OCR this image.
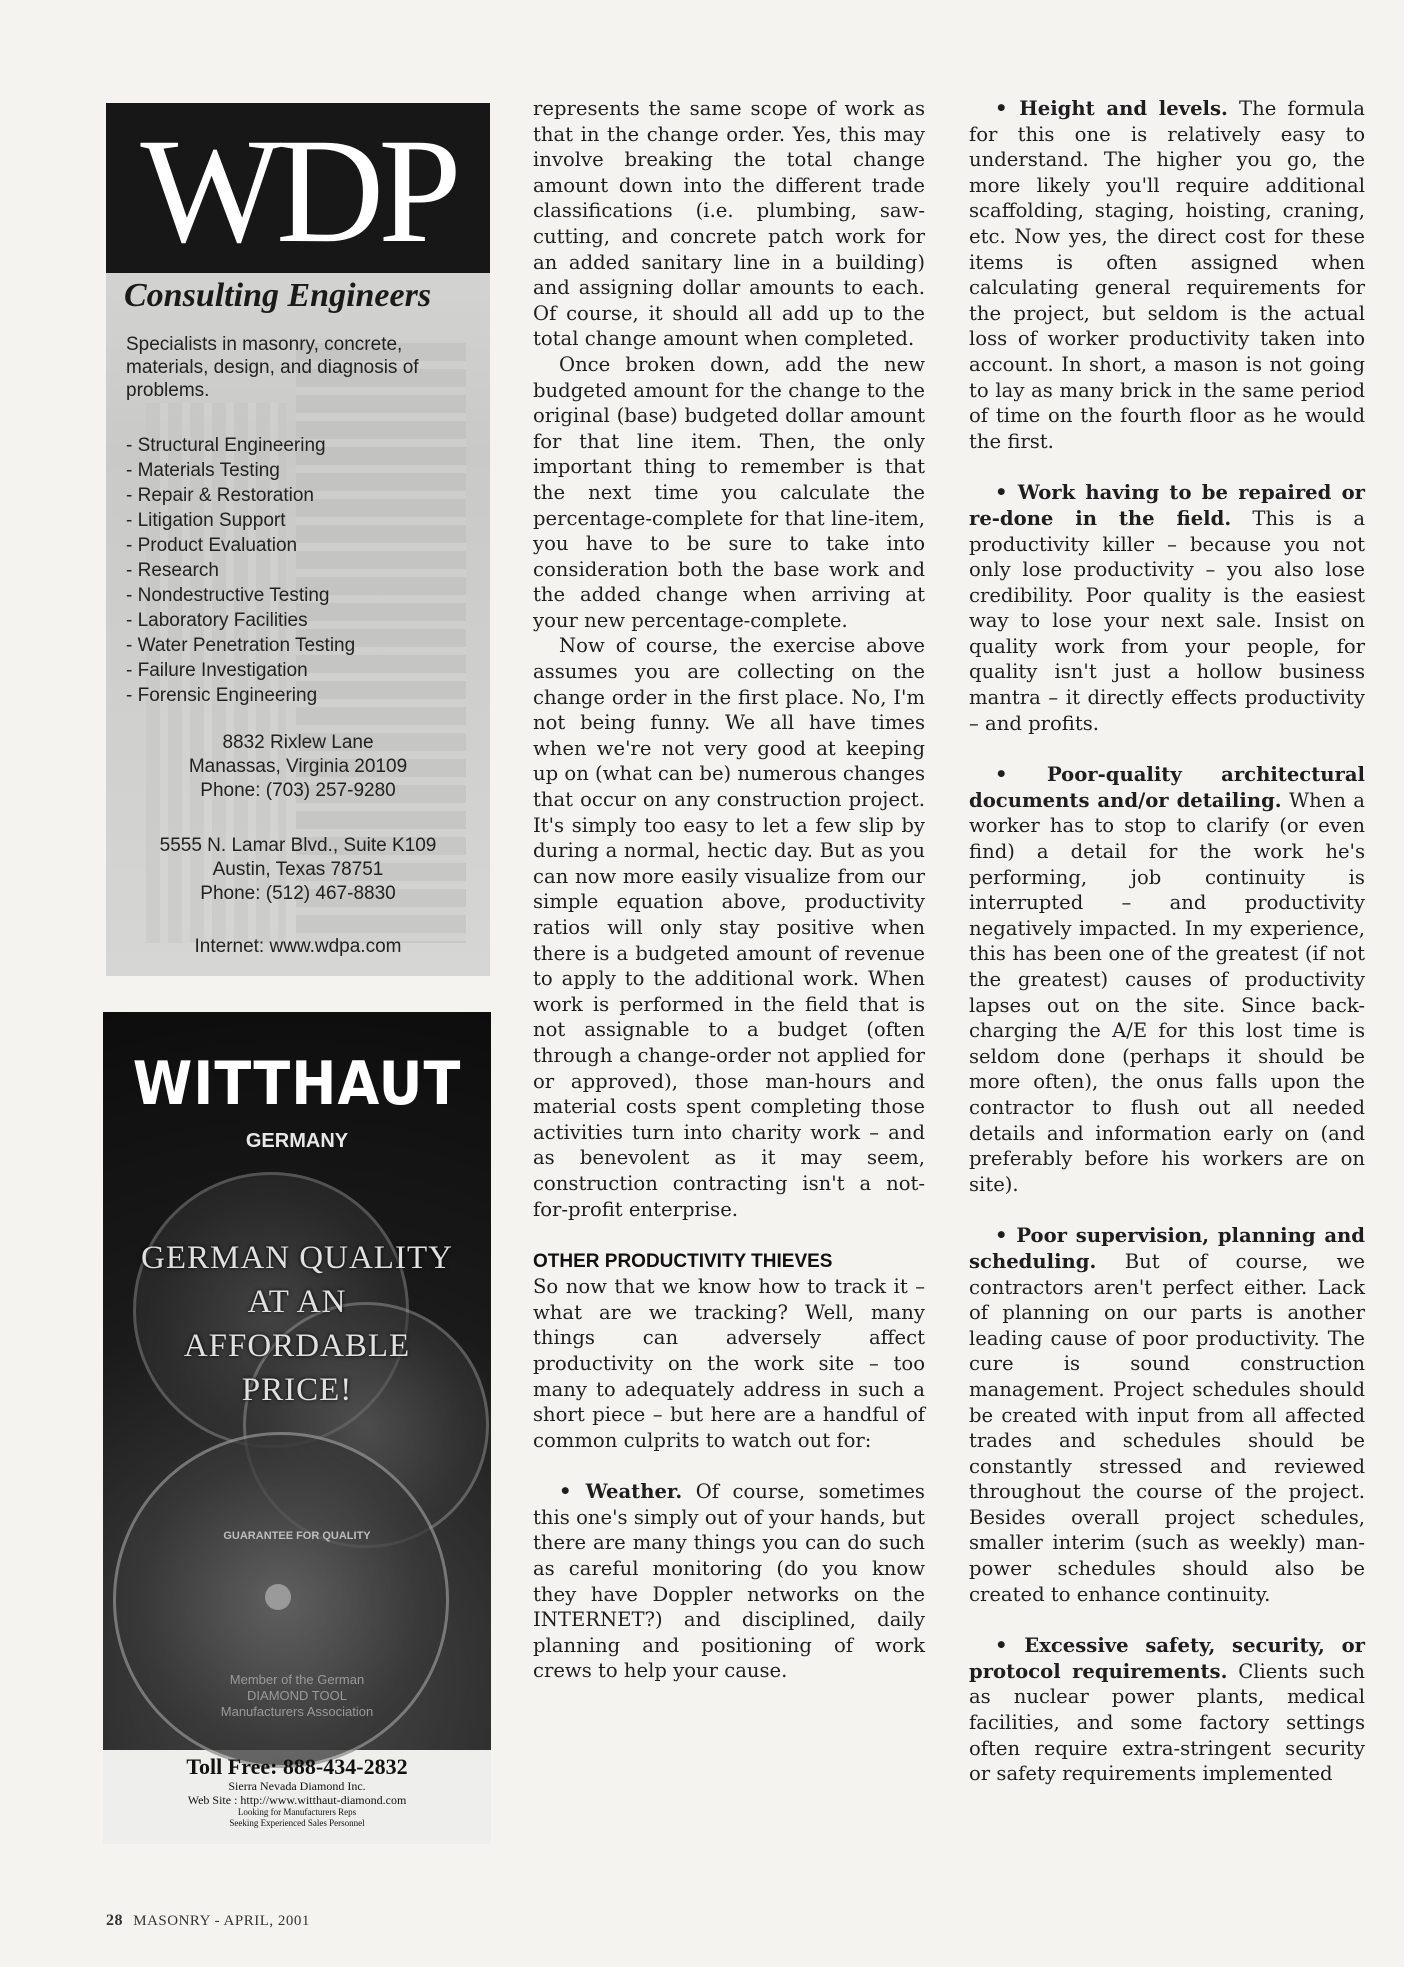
WDP
Consulting Engineers
Specialists in masonry, concrete, materials, design, and diagnosis of problems.
- Structural Engineering
- Materials Testing
- Repair & Restoration
- Litigation Support
- Product Evaluation
- Research
- Nondestructive Testing
- Laboratory Facilities
- Water Penetration Testing
- Failure Investigation
- Forensic Engineering
8832 Rixlew Lane
Manassas, Virginia 20109
Phone: (703) 257-9280
5555 N. Lamar Blvd., Suite K109
Austin, Texas 78751
Phone: (512) 467-8830
Internet: www.wdpa.com
WITTHAUT
GERMANY
GERMAN QUALITY
AT AN
AFFORDABLE
PRICE!
GUARANTEE FOR QUALITY
Member of the German
DIAMOND TOOL
Manufacturers Association
Toll Free: 888-434-2832
Sierra Nevada Diamond Inc.
Web Site : http://www.witthaut-diamond.com
Looking for Manufacturers Reps
Seeking Experienced Sales Personnel

represents the same scope of work as that in the change order. Yes, this may involve breaking the total change amount down into the different trade classifications (i.e. plumbing, saw-cutting, and concrete patch work for an added sanitary line in a building) and assigning dollar amounts to each. Of course, it should all add up to the total change amount when completed.

Once broken down, add the new budgeted amount for the change to the original (base) budgeted dollar amount for that line item. Then, the only important thing to remember is that the next time you calculate the percentage-complete for that line-item, you have to be sure to take into consideration both the base work and the added change when arriving at your new percentage-complete.

Now of course, the exercise above assumes you are collecting on the change order in the first place. No, I'm not being funny. We all have times when we're not very good at keeping up on (what can be) numerous changes that occur on any construction project. It's simply too easy to let a few slip by during a normal, hectic day. But as you can now more easily visualize from our simple equation above, productivity ratios will only stay positive when there is a budgeted amount of revenue to apply to the additional work. When work is performed in the field that is not assignable to a budget (often through a change-order not applied for or approved), those man-hours and material costs spent completing those activities turn into charity work – and as benevolent as it may seem, construction contracting isn't a not-for-profit enterprise.

OTHER PRODUCTIVITY THIEVES

So now that we know how to track it – what are we tracking? Well, many things can adversely affect productivity on the work site – too many to adequately address in such a short piece – but here are a handful of common culprits to watch out for:

• Weather. Of course, sometimes this one's simply out of your hands, but there are many things you can do such as careful monitoring (do you know they have Doppler networks on the INTERNET?) and disciplined, daily planning and positioning of work crews to help your cause.

• Height and levels. The formula for this one is relatively easy to understand. The higher you go, the more likely you'll require additional scaffolding, staging, hoisting, craning, etc. Now yes, the direct cost for these items is often assigned when calculating general requirements for the project, but seldom is the actual loss of worker productivity taken into account. In short, a mason is not going to lay as many brick in the same period of time on the fourth floor as he would the first.

• Work having to be repaired or re-done in the field. This is a productivity killer – because you not only lose productivity – you also lose credibility. Poor quality is the easiest way to lose your next sale. Insist on quality work from your people, for quality isn't just a hollow business mantra – it directly effects productivity – and profits.

• Poor-quality architectural documents and/or detailing. When a worker has to stop to clarify (or even find) a detail for the work he's performing, job continuity is interrupted – and productivity negatively impacted. In my experience, this has been one of the greatest (if not the greatest) causes of productivity lapses out on the site. Since back-charging the A/E for this lost time is seldom done (perhaps it should be more often), the onus falls upon the contractor to flush out all needed details and information early on (and preferably before his workers are on site).

• Poor supervision, planning and scheduling. But of course, we contractors aren't perfect either. Lack of planning on our parts is another leading cause of poor productivity. The cure is sound construction management. Project schedules should be created with input from all affected trades and schedules should be constantly stressed and reviewed throughout the course of the project. Besides overall project schedules, smaller interim (such as weekly) man-power schedules should also be created to enhance continuity.

• Excessive safety, security, or protocol requirements. Clients such as nuclear power plants, medical facilities, and some factory settings often require extra-stringent security or safety requirements implemented

28 MASONRY - APRIL, 2001
